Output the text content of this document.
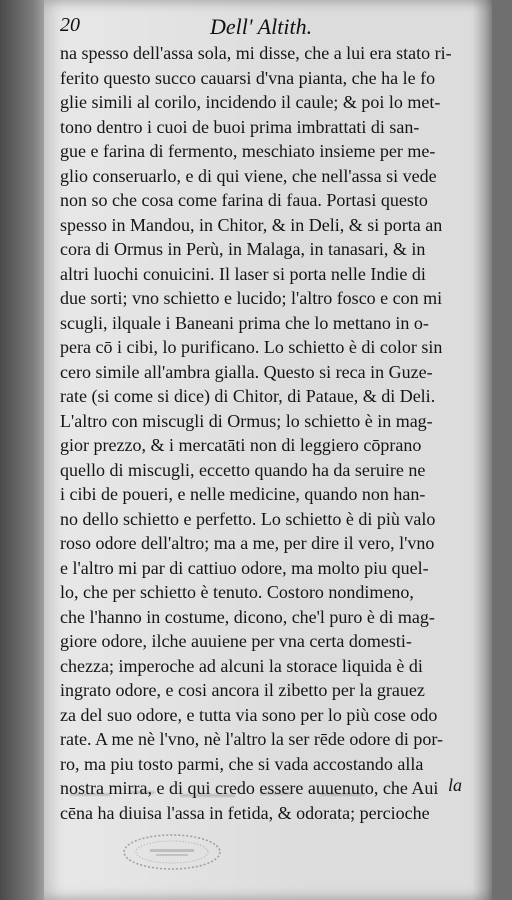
20	Dell' Altith.
na spesso dell'assa sola, mi disse, che a lui era stato ri-
ferito questo succo cauarsi d'vna pianta, che ha le fo
glie simili al corilo, incidendo il caule; & poi lo met-
tono dentro i cuoi de buoi prima imbrattati di san-
gue e farina di fermento, meschiato insieme per me-
glio conseruarlo, e di qui viene, che nell'assa si vede
non so che cosa come farina di faua. Portasi questo
spesso in Mandou, in Chitor, & in Deli, & si porta an
cora di Ormus in Perù, in Malaga, in tanasari, & in
altri luochi conuicini. Il laser si porta nelle Indie di
due sorti; vno schietto e lucido; l'altro fosco e con mi
scugli, ilquale i Baneani prima che lo mettano in o-
pera cō i cibi, lo purificano. Lo schietto è di color sin
cero simile all'ambra gialla. Questo si reca in Guze-
rate (si come si dice) di Chitor, di Pataue, & di Deli.
L'altro con miscugli di Ormus; lo schietto è in mag-
gior prezzo, & i mercatāti non di leggiero cōprano
quello di miscugli, eccetto quando ha da seruire ne
i cibi de poueri, e nelle medicine, quando non han-
no dello schietto e perfetto. Lo schietto è di più valo
roso odore dell'altro; ma a me, per dire il vero, l'vno
e l'altro mi par di cattiuo odore, ma molto piu quel-
lo, che per schietto è tenuto. Costoro nondimeno,
che l'hanno in costume, dicono, che'l puro è di mag-
giore odore, ilche auuiene per vna certa domesti-
chezza; imperoche ad alcuni la storace liquida è di
ingrato odore, e cosi ancora il zibetto per la grauez
za del suo odore, e tutta via sono per lo più cose odo
rate. A me nè l'vno, nè l'altro la ser rēde odore di por-
ro, ma piu tosto parmi, che si vada accostando alla
nostra mirra, e di qui credo essere auuenuto, che Aui
cēna ha diuisa l'assa in fetida, & odorata; percioche
la
